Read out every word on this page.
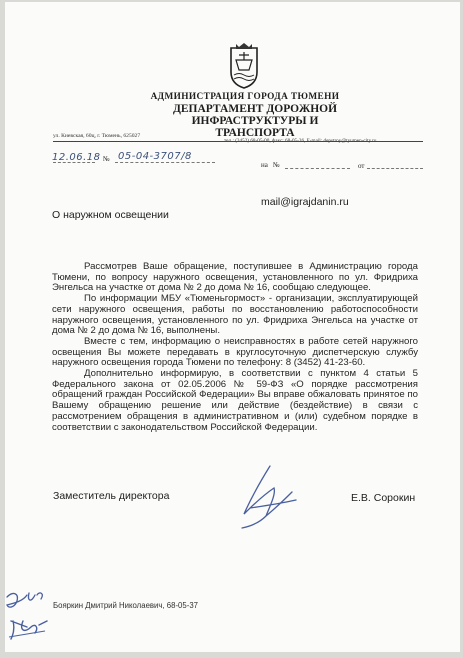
АДМИНИСТРАЦИЯ ГОРОДА ТЮМЕНИ
ДЕПАРТАМЕНТ ДОРОЖНОЙ
ИНФРАСТРУКТУРЫ И ТРАНСПОРТА
ул. Киевская, 60ц, г. Тюмень, 625027
тел.: (3452) 68-05-00, факс: 68-05-26, E-mail: depstroy@tyumen-city.ru
12.06.18 № 05-04-3707/8
на №	от
mail@igrajdanin.ru
О наружном освещении

Рассмотрев Ваше обращение, поступившее в Администрацию города Тюмени, по вопросу наружного освещения, установленного по ул. Фридриха Энгельса на участке от дома № 2 до дома № 16, сообщаю следующее.

По информации МБУ «Тюменьгормост» - организации, эксплуатирующей сети наружного освещения, работы по восстановлению работоспособности наружного освещения, установленного по ул. Фридриха Энгельса на участке от дома № 2 до дома № 16, выполнены.

Вместе с тем, информацию о неисправностях в работе сетей наружного освещения Вы можете передавать в круглосуточную диспетчерскую службу наружного освещения города Тюмени по телефону: 8 (3452) 41-23-60.

Дополнительно информирую, в соответствии с пунктом 4 статьи 5 Федерального закона от 02.05.2006 № 59-ФЗ «О порядке рассмотрения обращений граждан Российской Федерации» Вы вправе обжаловать принятое по Вашему обращению решение или действие (бездействие) в связи с рассмотрением обращения в административном и (или) судебном порядке в соответствии с законодательством Российской Федерации.

Заместитель директора	Е.В. Сорокин
Бояркин Дмитрий Николаевич, 68-05-37
